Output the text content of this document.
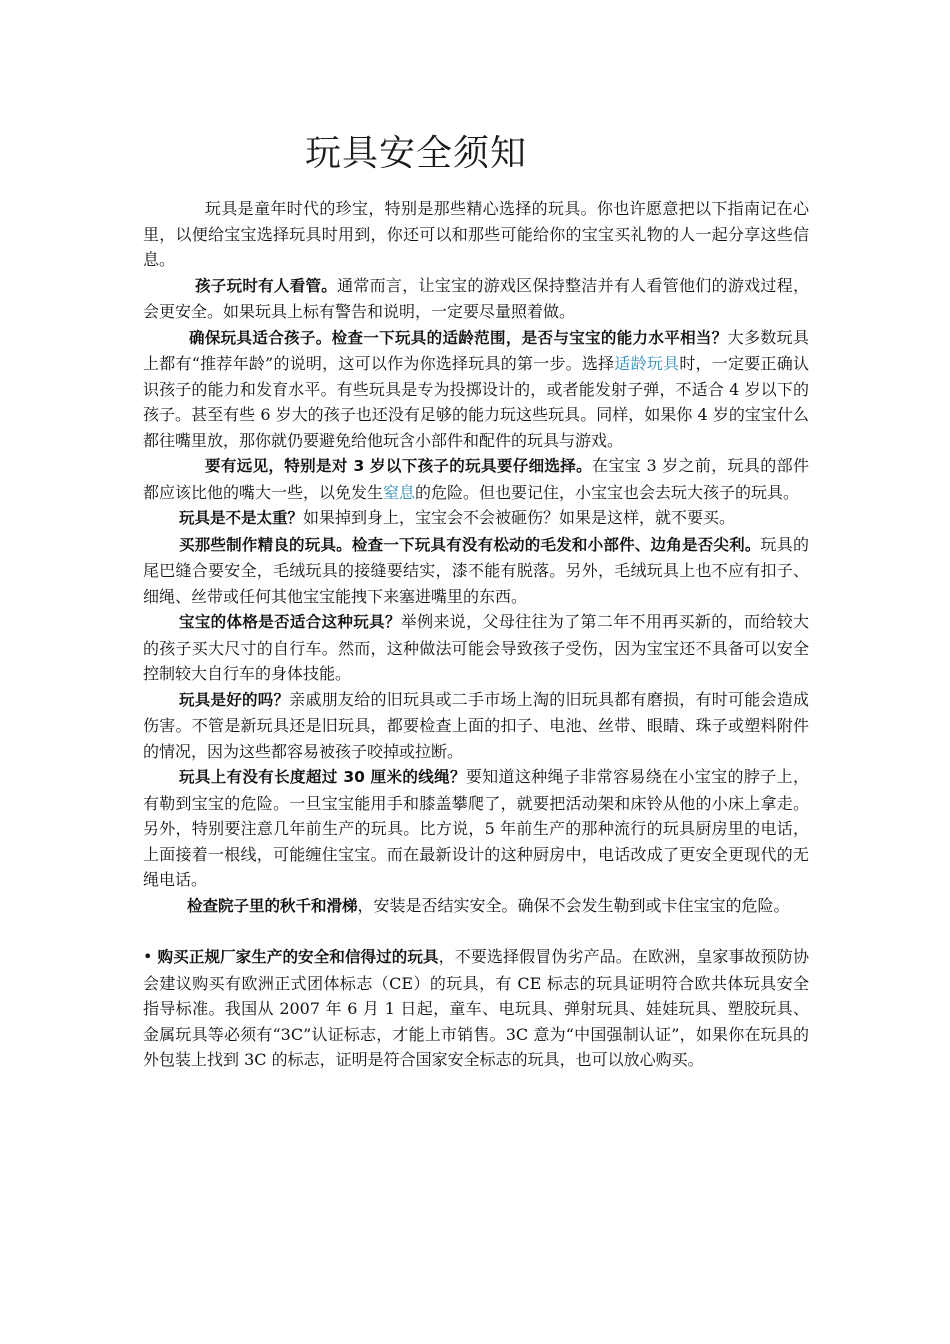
玩具安全须知

玩具是童年时代的珍宝，特别是那些精心选择的玩具。你也许愿意把以下指南记在心里，以便给宝宝选择玩具时用到，你还可以和那些可能给你的宝宝买礼物的人一起分享这些信息。

孩子玩时有人看管。通常而言，让宝宝的游戏区保持整洁并有人看管他们的游戏过程，会更安全。如果玩具上标有警告和说明，一定要尽量照着做。

确保玩具适合孩子。检查一下玩具的适龄范围，是否与宝宝的能力水平相当？大多数玩具上都有“推荐年龄”的说明，这可以作为你选择玩具的第一步。选择适龄玩具时，一定要正确认识孩子的能力和发育水平。有些玩具是专为投掷设计的，或者能发射子弹，不适合 4 岁以下的孩子。甚至有些 6 岁大的孩子也还没有足够的能力玩这些玩具。同样，如果你 4 岁的宝宝什么都往嘴里放，那你就仍要避免给他玩含小部件和配件的玩具与游戏。

要有远见，特别是对 3 岁以下孩子的玩具要仔细选择。在宝宝 3 岁之前，玩具的部件都应该比他的嘴大一些，以免发生窒息的危险。但也要记住，小宝宝也会去玩大孩子的玩具。

玩具是不是太重？如果掉到身上，宝宝会不会被砸伤？如果是这样，就不要买。

买那些制作精良的玩具。检查一下玩具有没有松动的毛发和小部件、边角是否尖利。玩具的尾巴缝合要安全，毛绒玩具的接缝要结实，漆不能有脱落。另外，毛绒玩具上也不应有扣子、细绳、丝带或任何其他宝宝能拽下来塞进嘴里的东西。

宝宝的体格是否适合这种玩具？举例来说，父母往往为了第二年不用再买新的，而给较大的孩子买大尺寸的自行车。然而，这种做法可能会导致孩子受伤，因为宝宝还不具备可以安全控制较大自行车的身体技能。

玩具是好的吗？亲戚朋友给的旧玩具或二手市场上淘的旧玩具都有磨损，有时可能会造成伤害。不管是新玩具还是旧玩具，都要检查上面的扣子、电池、丝带、眼睛、珠子或塑料附件的情况，因为这些都容易被孩子咬掉或拉断。

玩具上有没有长度超过 30 厘米的线绳？要知道这种绳子非常容易绕在小宝宝的脖子上，有勒到宝宝的危险。一旦宝宝能用手和膝盖攀爬了，就要把活动架和床铃从他的小床上拿走。另外，特别要注意几年前生产的玩具。比方说，5 年前生产的那种流行的玩具厨房里的电话，上面接着一根线，可能缠住宝宝。而在最新设计的这种厨房中，电话改成了更安全更现代的无绳电话。

检查院子里的秋千和滑梯，安装是否结实安全。确保不会发生勒到或卡住宝宝的危险。

• 购买正规厂家生产的安全和信得过的玩具，不要选择假冒伪劣产品。在欧洲，皇家事故预防协会建议购买有欧洲正式团体标志（CE）的玩具，有 CE 标志的玩具证明符合欧共体玩具安全指导标准。我国从 2007 年 6 月 1 日起，童车、电玩具、弹射玩具、娃娃玩具、塑胶玩具、金属玩具等必须有“3C”认证标志，才能上市销售。3C 意为“中国强制认证”，如果你在玩具的外包装上找到 3C 的标志，证明是符合国家安全标志的玩具，也可以放心购买。
